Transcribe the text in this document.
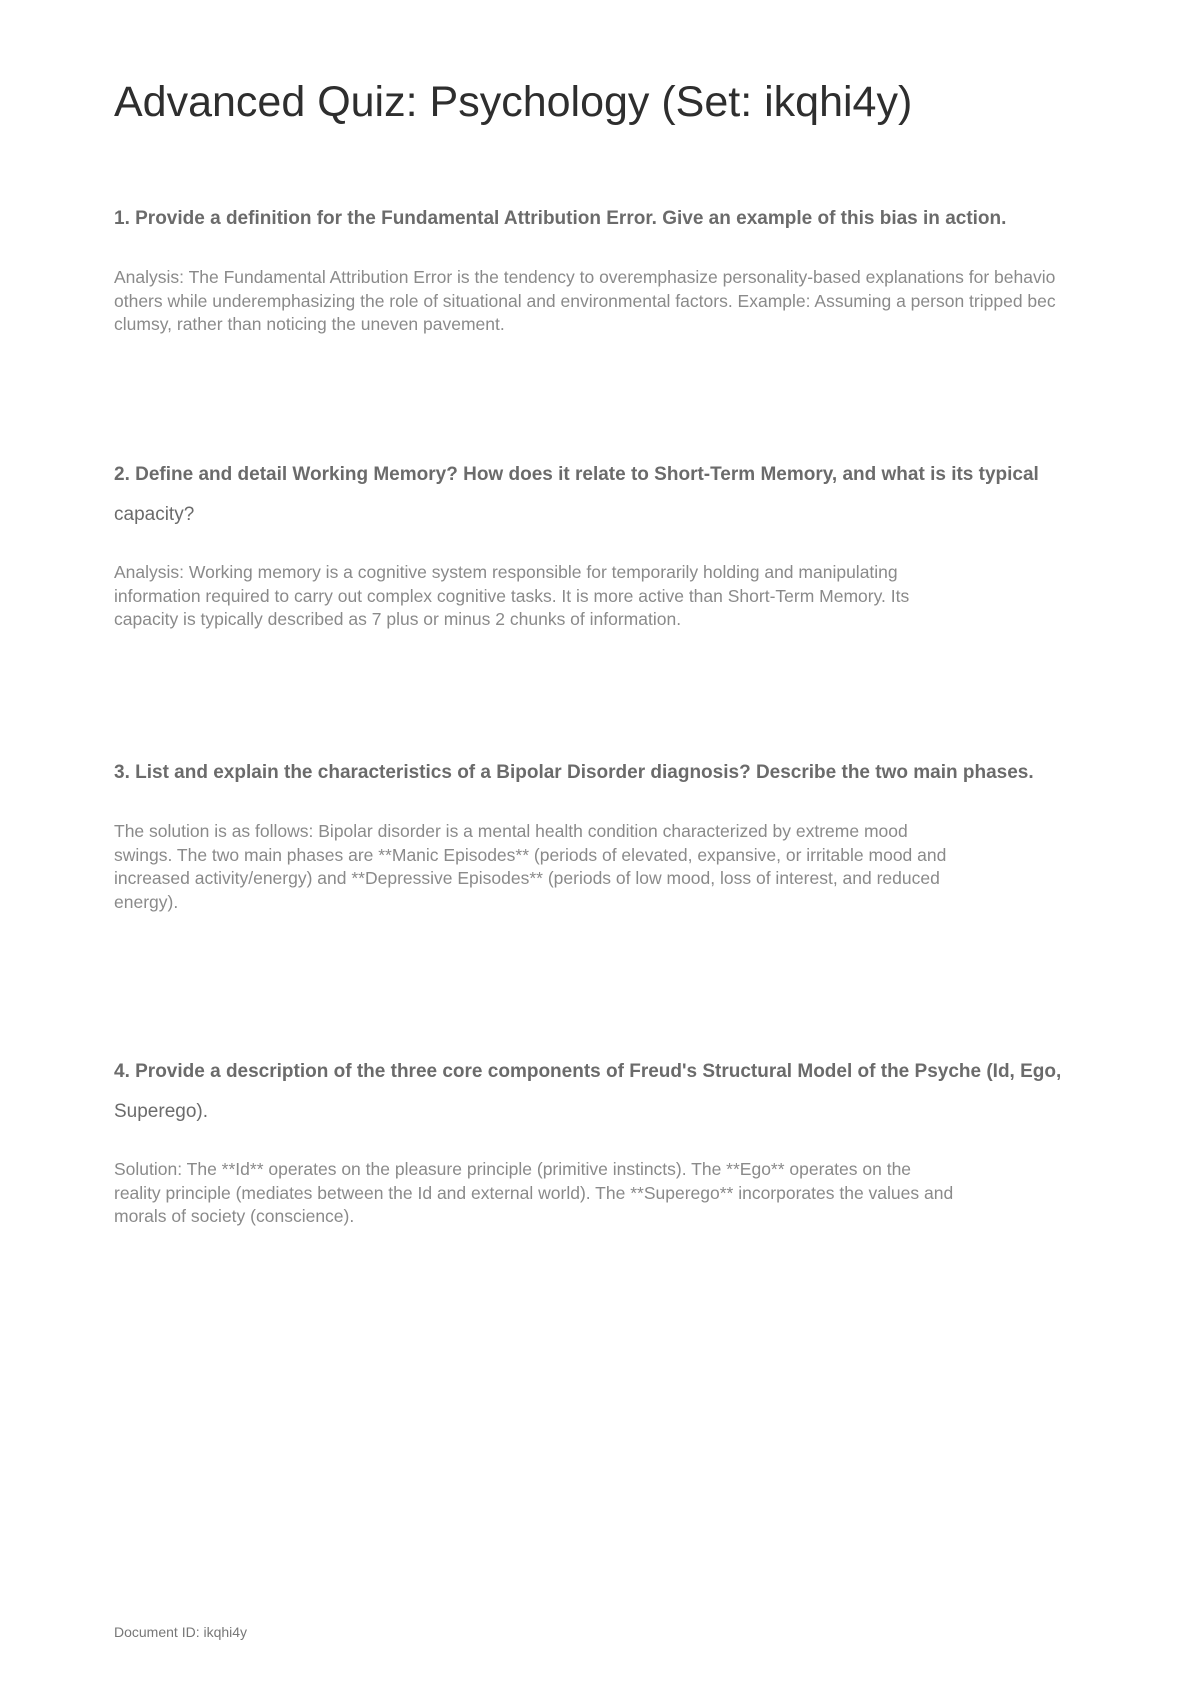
Advanced Quiz: Psychology (Set: ikqhi4y)

1. Provide a definition for the Fundamental Attribution Error. Give an example of this bias in action.

Analysis: The Fundamental Attribution Error is the tendency to overemphasize personality-based explanations for behavio
others while underemphasizing the role of situational and environmental factors. Example: Assuming a person tripped bec
clumsy, rather than noticing the uneven pavement.

2. Define and detail Working Memory? How does it relate to Short-Term Memory, and what is its typical

capacity?

Analysis: Working memory is a cognitive system responsible for temporarily holding and manipulating
information required to carry out complex cognitive tasks. It is more active than Short-Term Memory. Its
capacity is typically described as 7 plus or minus 2 chunks of information.

3. List and explain the characteristics of a Bipolar Disorder diagnosis? Describe the two main phases.

The solution is as follows: Bipolar disorder is a mental health condition characterized by extreme mood
swings. The two main phases are **Manic Episodes** (periods of elevated, expansive, or irritable mood and
increased activity/energy) and **Depressive Episodes** (periods of low mood, loss of interest, and reduced
energy).

4. Provide a description of the three core components of Freud's Structural Model of the Psyche (Id, Ego,

Superego).

Solution: The **Id** operates on the pleasure principle (primitive instincts). The **Ego** operates on the
reality principle (mediates between the Id and external world). The **Superego** incorporates the values and
morals of society (conscience).

Document ID: ikqhi4y
